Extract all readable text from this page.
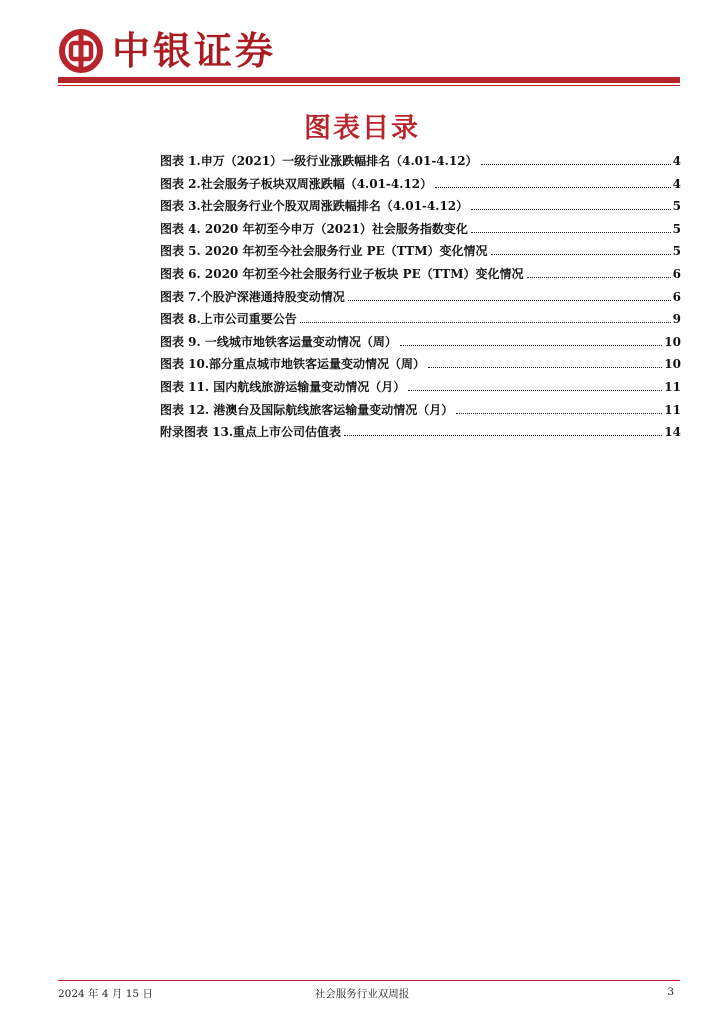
中银证券
图表目录
图表 1.申万（2021）一级行业涨跌幅排名（4.01-4.12）	4
图表 2.社会服务子板块双周涨跌幅（4.01-4.12）	4
图表 3.社会服务行业个股双周涨跌幅排名（4.01-4.12）	5
图表 4. 2020 年初至今申万（2021）社会服务指数变化	5
图表 5. 2020 年初至今社会服务行业 PE（TTM）变化情况	5
图表 6. 2020 年初至今社会服务行业子板块 PE（TTM）变化情况	6
图表 7.个股沪深港通持股变动情况	6
图表 8.上市公司重要公告	9
图表 9. 一线城市地铁客运量变动情况（周）	10
图表 10.部分重点城市地铁客运量变动情况（周）	10
图表 11. 国内航线旅游运输量变动情况（月）	11
图表 12. 港澳台及国际航线旅客运输量变动情况（月）	11
附录图表 13.重点上市公司估值表	14
2024 年 4 月 15 日	社会服务行业双周报	3
